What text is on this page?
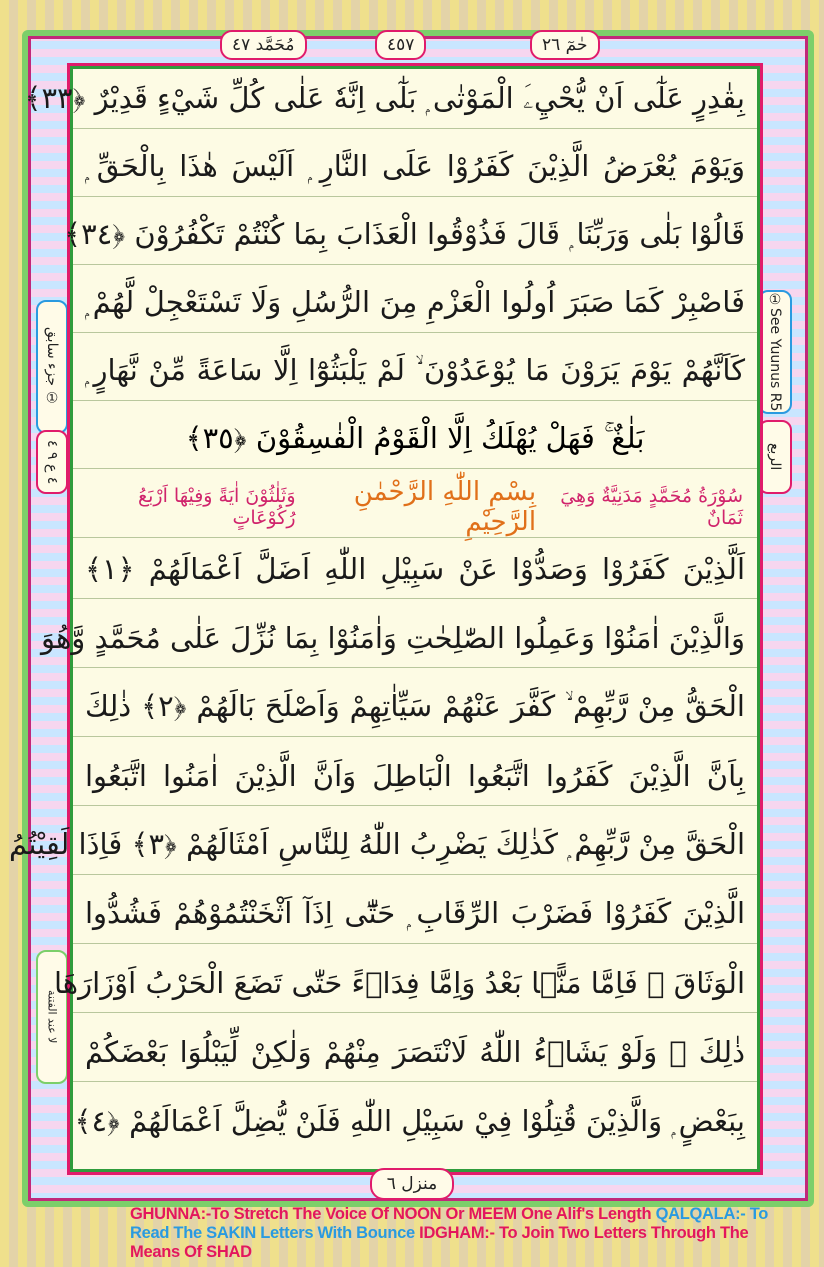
حٰمٓ ٢٦
٤٥٧
مُحَمَّد ٤٧
①
See Yuunus R5
الربع
جزء سابق ①
٤ ع ٩ ٤
لا عند الفتنة
بِقٰدِرٍ عَلٰٓى اَنْ يُّحْيِۦَ الْمَوْتٰى ۭ بَلٰٓى اِنَّهٗ عَلٰى كُلِّ شَيْءٍ قَدِيْرٌ ﴿٣٣﴾
وَيَوْمَ يُعْرَضُ الَّذِيْنَ كَفَرُوْا عَلَى النَّارِ ۭ اَلَيْسَ هٰذَا بِالْحَقِّ ۭ
قَالُوْا بَلٰى وَرَبِّنَا ۭ قَالَ فَذُوْقُوا الْعَذَابَ بِمَا كُنْتُمْ تَكْفُرُوْنَ ﴿٣٤﴾
فَاصْبِرْ كَمَا صَبَرَ اُولُوا الْعَزْمِ مِنَ الرُّسُلِ وَلَا تَسْتَعْجِلْ لَّهُمْ ۭ
كَاَنَّهُمْ يَوْمَ يَرَوْنَ مَا يُوْعَدُوْنَ ۙ لَمْ يَلْبَثُوْٓا اِلَّا سَاعَةً مِّنْ نَّهَارٍ ۭ
بَلٰغٌ ۚ فَهَلْ يُهْلَكُ اِلَّا الْقَوْمُ الْفٰسِقُوْنَ ﴿٣٥﴾
سُوْرَةُ مُحَمَّدٍ مَدَنِيَّةٌ وَهِيَ ثَمَانٌ
بِسْمِ اللّٰهِ الرَّحْمٰنِ الرَّحِيْمِ
وَثَلٰثُوْنَ اٰيَةً وَفِيْهَا اَرْبَعُ رُكُوْعَاتٍ
اَلَّذِيْنَ كَفَرُوْا وَصَدُّوْا عَنْ سَبِيْلِ اللّٰهِ اَضَلَّ اَعْمَالَهُمْ ﴿١﴾
وَالَّذِيْنَ اٰمَنُوْا وَعَمِلُوا الصّٰلِحٰتِ وَاٰمَنُوْا بِمَا نُزِّلَ عَلٰى مُحَمَّدٍ وَّهُوَ
الْحَقُّ مِنْ رَّبِّهِمْ ۙ كَفَّرَ عَنْهُمْ سَيِّاٰتِهِمْ وَاَصْلَحَ بَالَهُمْ ﴿٢﴾ ذٰلِكَ
بِاَنَّ الَّذِيْنَ كَفَرُوا اتَّبَعُوا الْبَاطِلَ وَاَنَّ الَّذِيْنَ اٰمَنُوا اتَّبَعُوا
الْحَقَّ مِنْ رَّبِّهِمْ ۭ كَذٰلِكَ يَضْرِبُ اللّٰهُ لِلنَّاسِ اَمْثَالَهُمْ ﴿٣﴾ فَاِذَا لَقِيْتُمُ
الَّذِيْنَ كَفَرُوْا فَضَرْبَ الرِّقَابِ ۭ حَتّٰٓى اِذَآ اَثْخَنْتُمُوْهُمْ فَشُدُّوا
الْوَثَاقَ ۙ فَاِمَّا مَنًّۢا بَعْدُ وَاِمَّا فِدَاۗءً حَتّٰى تَضَعَ الْحَرْبُ اَوْزَارَهَا
ذٰلِكَ ۛ وَلَوْ يَشَاۗءُ اللّٰهُ لَانْتَصَرَ مِنْهُمْ وَلٰكِنْ لِّيَبْلُوَا بَعْضَكُمْ
بِبَعْضٍ ۭ وَالَّذِيْنَ قُتِلُوْا فِيْ سَبِيْلِ اللّٰهِ فَلَنْ يُّضِلَّ اَعْمَالَهُمْ ﴿٤﴾
منزل ٦
GHUNNA:-To Stretch The Voice Of NOON Or MEEM One Alif's Length QALQALA:- To Read The SAKIN Letters With Bounce IDGHAM:- To Join Two Letters Through The Means Of SHAD
